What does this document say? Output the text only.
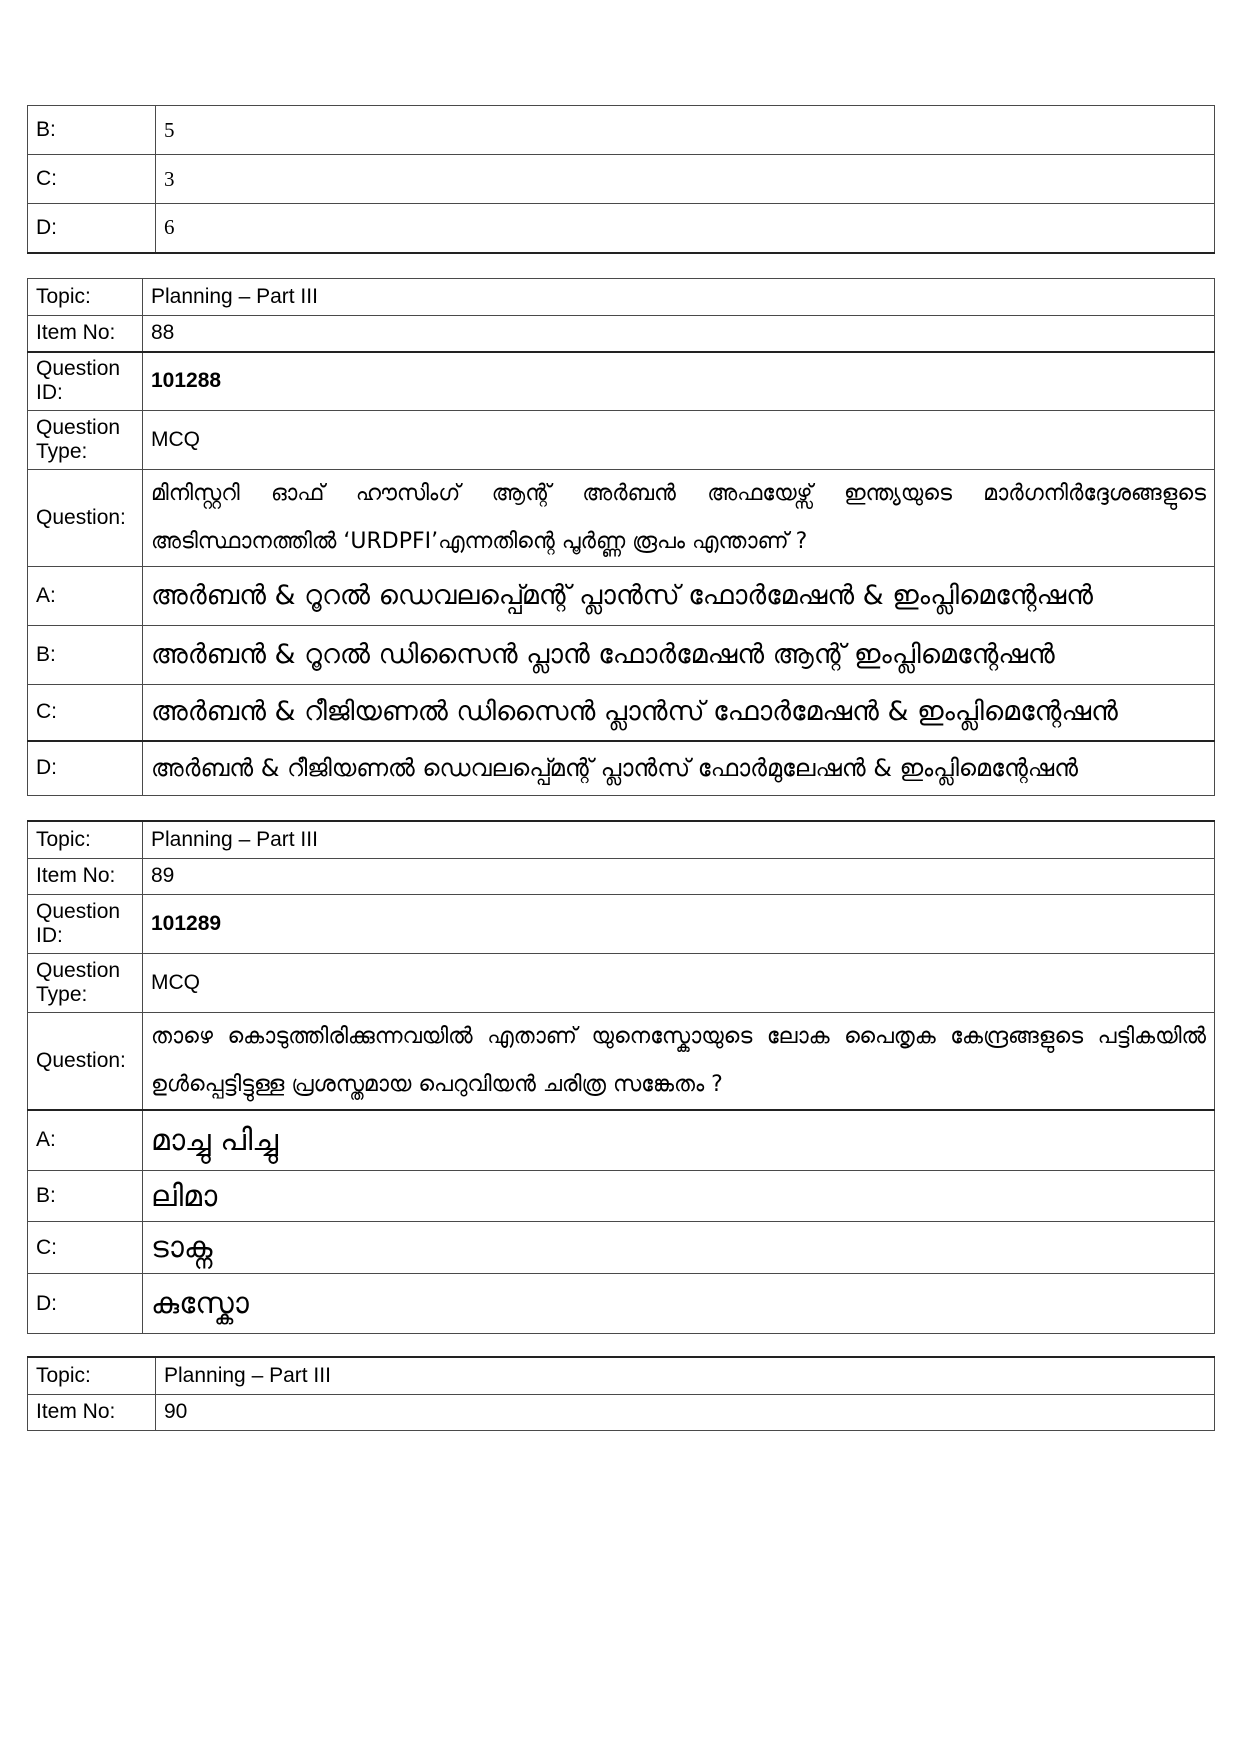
B:	5
C:	3
D:	6
Topic:	Planning – Part III
Item No:	88
Question ID:	101288
Question Type:	MCQ
Question:	മിനിസ്റ്ററി ഓഫ് ഹൗസിംഗ് ആന്റ് അർബൻ അഫയേഴ്സ് ഇന്ത്യയുടെ മാർഗനിർദ്ദേശങ്ങളുടെ അടിസ്ഥാനത്തിൽ ‘URDPFI’എന്നതിന്റെ പൂർണ്ണ രൂപം എന്താണ് ?
A:	അർബൻ & റൂറൽ ഡെവലപ്പ്മെന്റ് പ്ലാൻസ് ഫോർമേഷൻ & ഇംപ്ലിമെന്റേഷൻ
B:	അർബൻ & റൂറൽ ഡിസൈൻ പ്ലാൻ ഫോർമേഷൻ ആന്റ് ഇംപ്ലിമെന്റേഷൻ
C:	അർബൻ & റീജിയണൽ ഡിസൈൻ പ്ലാൻസ് ഫോർമേഷൻ & ഇംപ്ലിമെന്റേഷൻ
D:	അർബൻ & റീജിയണൽ ഡെവലപ്പ്മെന്റ് പ്ലാൻസ് ഫോർമുലേഷൻ & ഇംപ്ലിമെന്റേഷൻ
Topic:	Planning – Part III
Item No:	89
Question ID:	101289
Question Type:	MCQ
Question:	താഴെ കൊടുത്തിരിക്കുന്നവയിൽ എതാണ് യുനെസ്കോയുടെ ലോക പൈതൃക കേന്ദ്രങ്ങളുടെ പട്ടികയിൽ ഉൾപ്പെട്ടിട്ടുള്ള പ്രശസ്തമായ പെറുവിയൻ ചരിത്ര സങ്കേതം ?
A:	മാച്ചു പിച്ചു
B:	ലിമാ
C:	ടാക്ന
D:	കുസ്കോ
Topic:	Planning – Part III
Item No:	90
